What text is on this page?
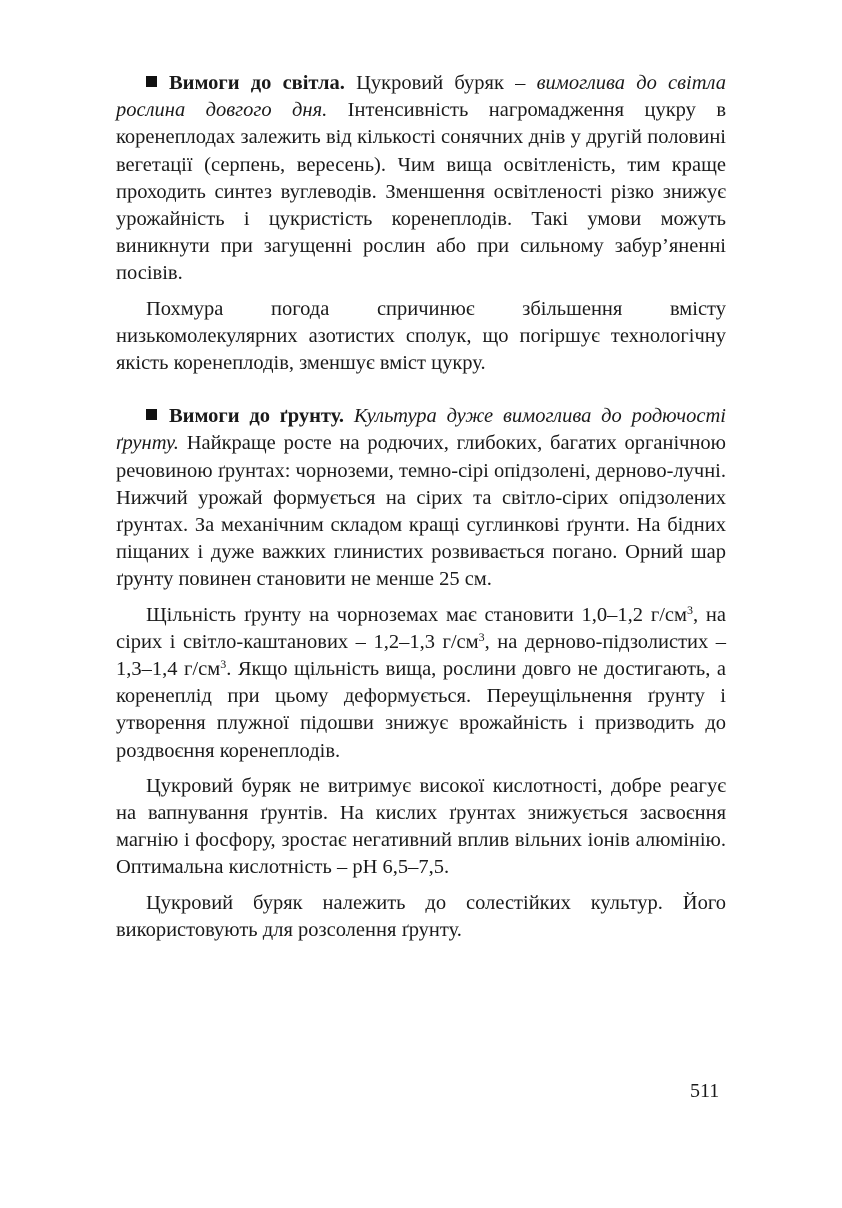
Вимоги до світла. Цукровий буряк – вимоглива до світла рослина довгого дня. Інтенсивність нагромадження цукру в коренеплодах залежить від кількості сонячних днів у другій половині вегетації (серпень, вересень). Чим вища освітленість, тим краще проходить синтез вуглеводів. Зменшення освітленості різко знижує урожайність і цукристість коренеплодів. Такі умови можуть виникнути при загущенні рослин або при сильному забур’яненні посівів.

Похмура погода спричинює збільшення вмісту низькомолекулярних азотистих сполук, що погіршує технологічну якість коренеплодів, зменшує вміст цукру.

Вимоги до ґрунту. Культура дуже вимоглива до родючості ґрунту. Найкраще росте на родючих, глибоких, багатих органічною речовиною ґрунтах: чорноземи, темно-сірі опідзолені, дерново-лучні. Нижчий урожай формується на сірих та світло-сірих опідзолених ґрунтах. За механічним складом кращі суглинкові ґрунти. На бідних піщаних і дуже важких глинистих розвивається погано. Орний шар ґрунту повинен становити не менше 25 см.

Щільність ґрунту на чорноземах має становити 1,0–1,2 $г/см^3$, на сірих і світло-каштанових – 1,2–1,3 $г/см^3$, на дерново-підзолистих – 1,3–1,4 $г/см^3$. Якщо щільність вища, рослини довго не достигають, а коренеплід при цьому деформується. Переущільнення ґрунту і утворення плужної підошви знижує врожайність і призводить до роздвоєння коренеплодів.

Цукровий буряк не витримує високої кислотності, добре реагує на вапнування ґрунтів. На кислих ґрунтах знижується засвоєння магнію і фосфору, зростає негативний вплив вільних іонів алюмінію. Оптимальна кислотність – pH 6,5–7,5.

Цукровий буряк належить до солестійких культур. Його використовують для розсолення ґрунту.

511
